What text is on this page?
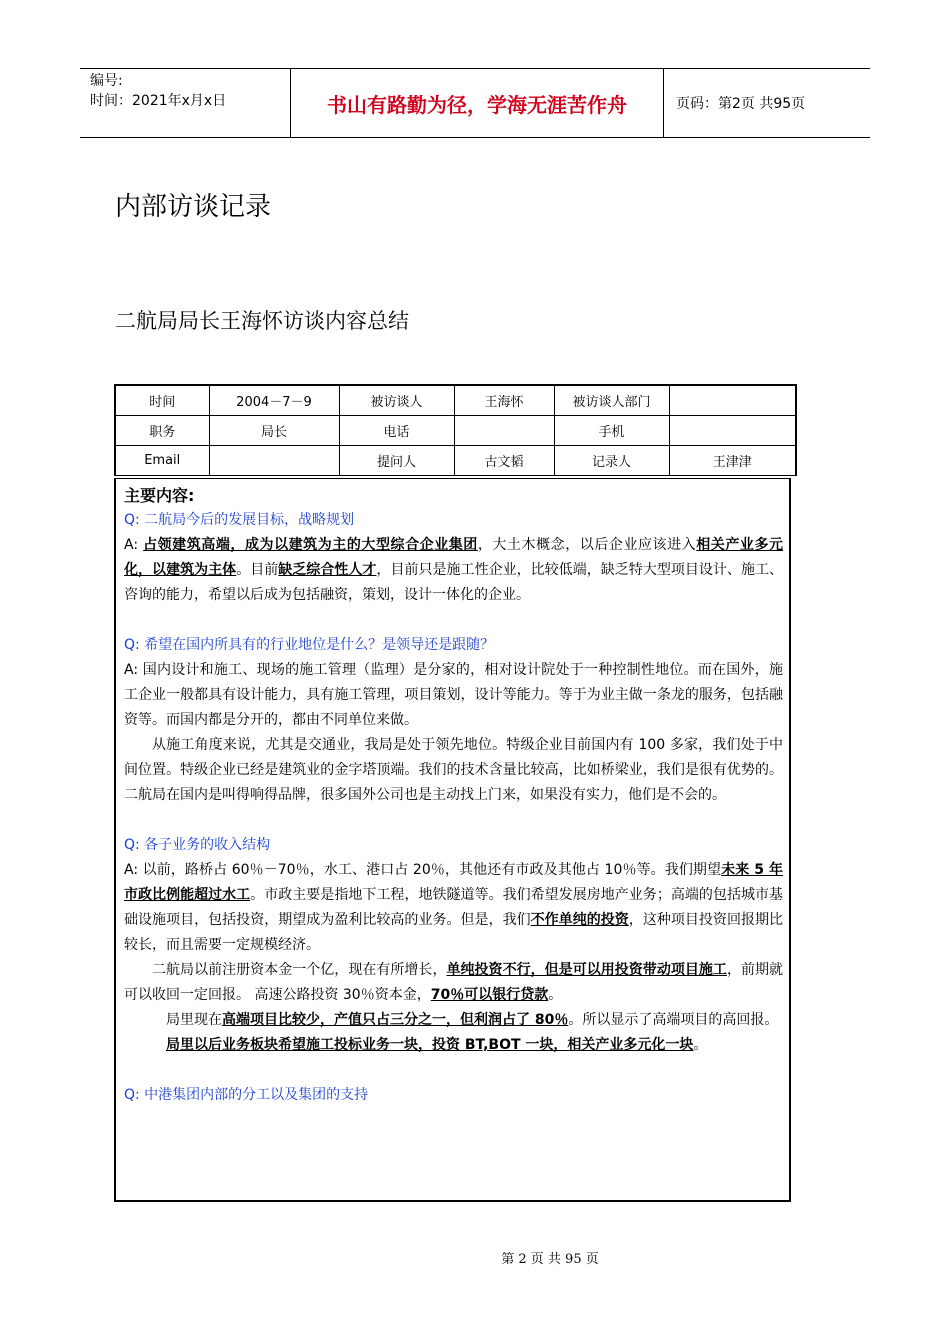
编号:
时间：2021年x月x日	书山有路勤为径，学海无涯苦作舟	页码：第2页 共95页
内部访谈记录
二航局局长王海怀访谈内容总结
时间	2004－7－9	被访谈人	王海怀	被访谈人部门	
职务	局长	电话		手机	
Email		提问人	古文韬	记录人	王津津

主要内容:

Q: 二航局今后的发展目标，战略规划

A: 占领建筑高端，成为以建筑为主的大型综合企业集团，大土木概念，以后企业应该进入相关产业多元化，以建筑为主体。目前缺乏综合性人才，目前只是施工性企业，比较低端，缺乏特大型项目设计、施工、咨询的能力，希望以后成为包括融资，策划，设计一体化的企业。

Q: 希望在国内所具有的行业地位是什么？是领导还是跟随？

A: 国内设计和施工、现场的施工管理（监理）是分家的，相对设计院处于一种控制性地位。而在国外，施工企业一般都具有设计能力，具有施工管理，项目策划，设计等能力。等于为业主做一条龙的服务，包括融资等。而国内都是分开的，都由不同单位来做。

从施工角度来说，尤其是交通业，我局是处于领先地位。特级企业目前国内有 100 多家，我们处于中间位置。特级企业已经是建筑业的金字塔顶端。我们的技术含量比较高，比如桥梁业，我们是很有优势的。二航局在国内是叫得响得品牌，很多国外公司也是主动找上门来，如果没有实力，他们是不会的。

Q: 各子业务的收入结构

A: 以前，路桥占 60％－70％，水工、港口占 20％，其他还有市政及其他占 10％等。我们期望未来 5 年市政比例能超过水工。市政主要是指地下工程，地铁隧道等。我们希望发展房地产业务；高端的包括城市基础设施项目，包括投资，期望成为盈利比较高的业务。但是，我们不作单纯的投资，这种项目投资回报期比较长，而且需要一定规模经济。

二航局以前注册资本金一个亿，现在有所增长，单纯投资不行，但是可以用投资带动项目施工，前期就可以收回一定回报。 高速公路投资 30％资本金，70％可以银行贷款。

局里现在高端项目比较少，产值只占三分之一，但利润占了 80％。所以显示了高端项目的高回报。

局里以后业务板块希望施工投标业务一块，投资 BT,BOT 一块，相关产业多元化一块。

Q: 中港集团内部的分工以及集团的支持

第 2 页 共 95 页
